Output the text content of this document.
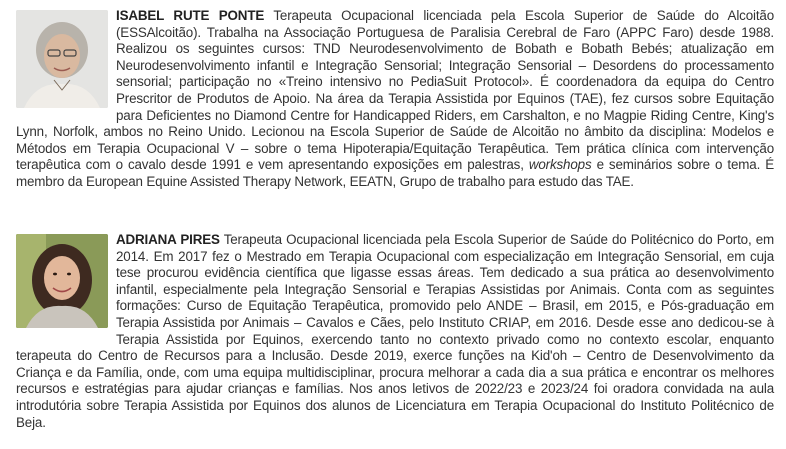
ISABEL RUTE PONTE Terapeuta Ocupacional licenciada pela Escola Superior de Saúde do Alcoitão (ESSAlcoitão). Trabalha na Associação Portuguesa de Paralisia Cerebral de Faro (APPC Faro) desde 1988. Realizou os seguintes cursos: TND Neurodesenvolvimento de Bobath e Bobath Bebés; atualização em Neurodesenvolvimento infantil e Integração Sensorial; Integração Sensorial – Desordens do processamento sensorial; participação no «Treino intensivo no PediaSuit Protocol». É coordenadora da equipa do Centro Prescritor de Produtos de Apoio. Na área da Terapia Assistida por Equinos (TAE), fez cursos sobre Equitação para Deficientes no Diamond Centre for Handicapped Riders, em Carshalton, e no Magpie Riding Centre, King's Lynn, Norfolk, ambos no Reino Unido. Lecionou na Escola Superior de Saúde de Alcoitão no âmbito da disciplina: Modelos e Métodos em Terapia Ocupacional V – sobre o tema Hipoterapia/Equitação Terapêutica. Tem prática clínica com intervenção terapêutica com o cavalo desde 1991 e vem apresentando exposições em palestras, workshops e seminários sobre o tema. É membro da European Equine Assisted Therapy Network, EEATN, Grupo de trabalho para estudo das TAE.

ADRIANA PIRES Terapeuta Ocupacional licenciada pela Escola Superior de Saúde do Politécnico do Porto, em 2014. Em 2017 fez o Mestrado em Terapia Ocupacional com especialização em Integração Sensorial, em cuja tese procurou evidência científica que ligasse essas áreas. Tem dedicado a sua prática ao desenvolvimento infantil, especialmente pela Integração Sensorial e Terapias Assistidas por Animais. Conta com as seguintes formações: Curso de Equitação Terapêutica, promovido pelo ANDE – Brasil, em 2015, e Pós-graduação em Terapia Assistida por Animais – Cavalos e Cães, pelo Instituto CRIAP, em 2016. Desde esse ano dedicou-se à Terapia Assistida por Equinos, exercendo tanto no contexto privado como no contexto escolar, enquanto terapeuta do Centro de Recursos para a Inclusão. Desde 2019, exerce funções na Kid'oh – Centro de Desenvolvimento da Criança e da Família, onde, com uma equipa multidisciplinar, procura melhorar a cada dia a sua prática e encontrar os melhores recursos e estratégias para ajudar crianças e famílias. Nos anos letivos de 2022/23 e 2023/24 foi oradora convidada na aula introdutória sobre Terapia Assistida por Equinos dos alunos de Licenciatura em Terapia Ocupacional do Instituto Politécnico de Beja.
